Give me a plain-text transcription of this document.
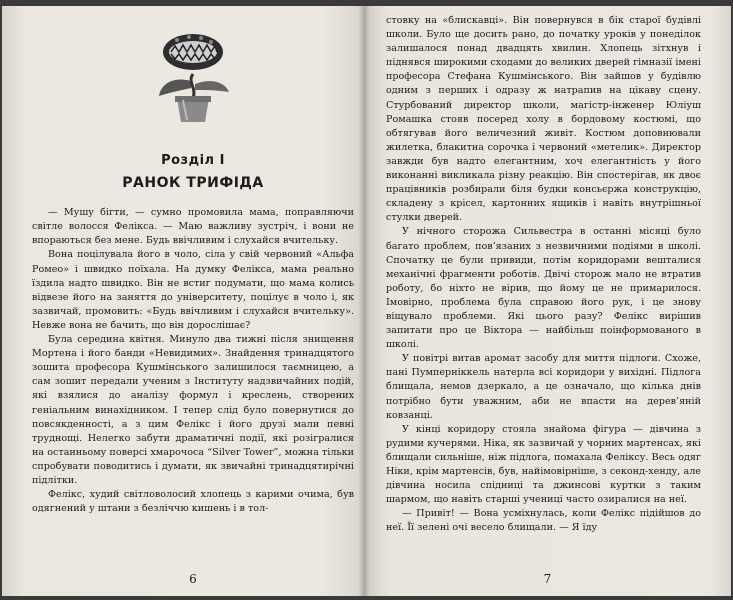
Розділ І
РАНОК ТРИФІДА

— Мушу бігти, — сумно промовила мама, поправляючи світле волосся Фелікса. — Маю важливу зустріч, і вони не впораються без мене. Будь ввічливим і слухайся вчительку.

Вона поцілувала його в чоло, сіла у свій червоний «Альфа Ромео» і швидко поїхала. На думку Фелікса, мама реально їздила надто швидко. Він не встиг подумати, що мама колись відвезе його на заняття до університету, поцілує в чоло і, як зазвичай, промовить: «Будь ввічливим і слухайся вчительку». Невже вона не бачить, що він дорослішає?

Була середина квітня. Минуло два тижні після знищення Мортена і його банди «Невидимих». Знайдення тринадцятого зошита професора Кушмінського залишилося таємницею, а сам зошит передали ученим з Інституту надзвичайних подій, які взялися до аналізу формул і креслень, створених геніальним винахідником. І тепер слід було повернутися до повсякденності, а з цим Фелікс і його друзі мали певні труднощі. Нелегко забути драматичні події, які розігралися на останньому поверсі хмарочоса “Silver Tower”, можна тільки спробувати поводитись і думати, як звичайні тринадцятирічні підлітки.

Фелікс, худий світловолосий хлопець з карими очима, був одягнений у штани з безліччю кишень і в тол-

6

стовку на «блискавці». Він повернувся в бік старої будівлі школи. Було ще досить рано, до початку уроків у понеділок залишалося понад двадцять хвилин. Хлопець зітхнув і піднявся широкими сходами до великих дверей гімназії імені професора Стефана Кушмінського. Він зайшов у будівлю одним з перших і одразу ж натрапив на цікаву сцену. Стурбований директор школи, магістр-інженер Юліуш Ромашка стояв посеред холу в бордовому костюмі, що обтягував його величезний живіт. Костюм доповнювали жилетка, блакитна сорочка і червоний «метелик». Директор завжди був надто елегантним, хоч елегантність у його виконанні викликала різну реакцію. Він спостерігав, як двоє працівників розбирали біля будки консьєржа конструкцію, складену з крісел, картонних ящиків і навіть внутрішньої стулки дверей.

У нічного сторожа Сильвестра в останні місяці було багато проблем, пов’язаних з незвичними подіями в школі. Спочатку це були привиди, потім коридорами вешталися механічні фрагменти роботів. Двічі сторож мало не втратив роботу, бо ніхто не вірив, що йому це не примарилося. Імовірно, проблема була справою його рук, і це знову віщувало проблеми. Які цього разу? Фелікс вирішив запитати про це Віктора — найбільш поінформованого в школі.

У повітрі витав аромат засобу для миття підлоги. Схоже, пані Пумперніккель натерла всі коридори у вихідні. Підлога блищала, немов дзеркало, а це означало, що кілька днів потрібно бути уважним, аби не впасти на дерев’яній ковзанці.

У кінці коридору стояла знайома фігура — дівчина з рудими кучерями. Ніка, як зазвичай у чорних мартенсах, які блищали сильніше, ніж підлога, помахала Феліксу. Весь одяг Ніки, крім мартенсів, був, найімовірніше, з секонд-хенду, але дівчина носила спідниці та джинсові куртки з таким шармом, що навіть старші учениці часто озиралися на неї.

— Привіт! — Вона усміхнулась, коли Фелікс підійшов до неї. Її зелені очі весело блищали. — Я їду

7
